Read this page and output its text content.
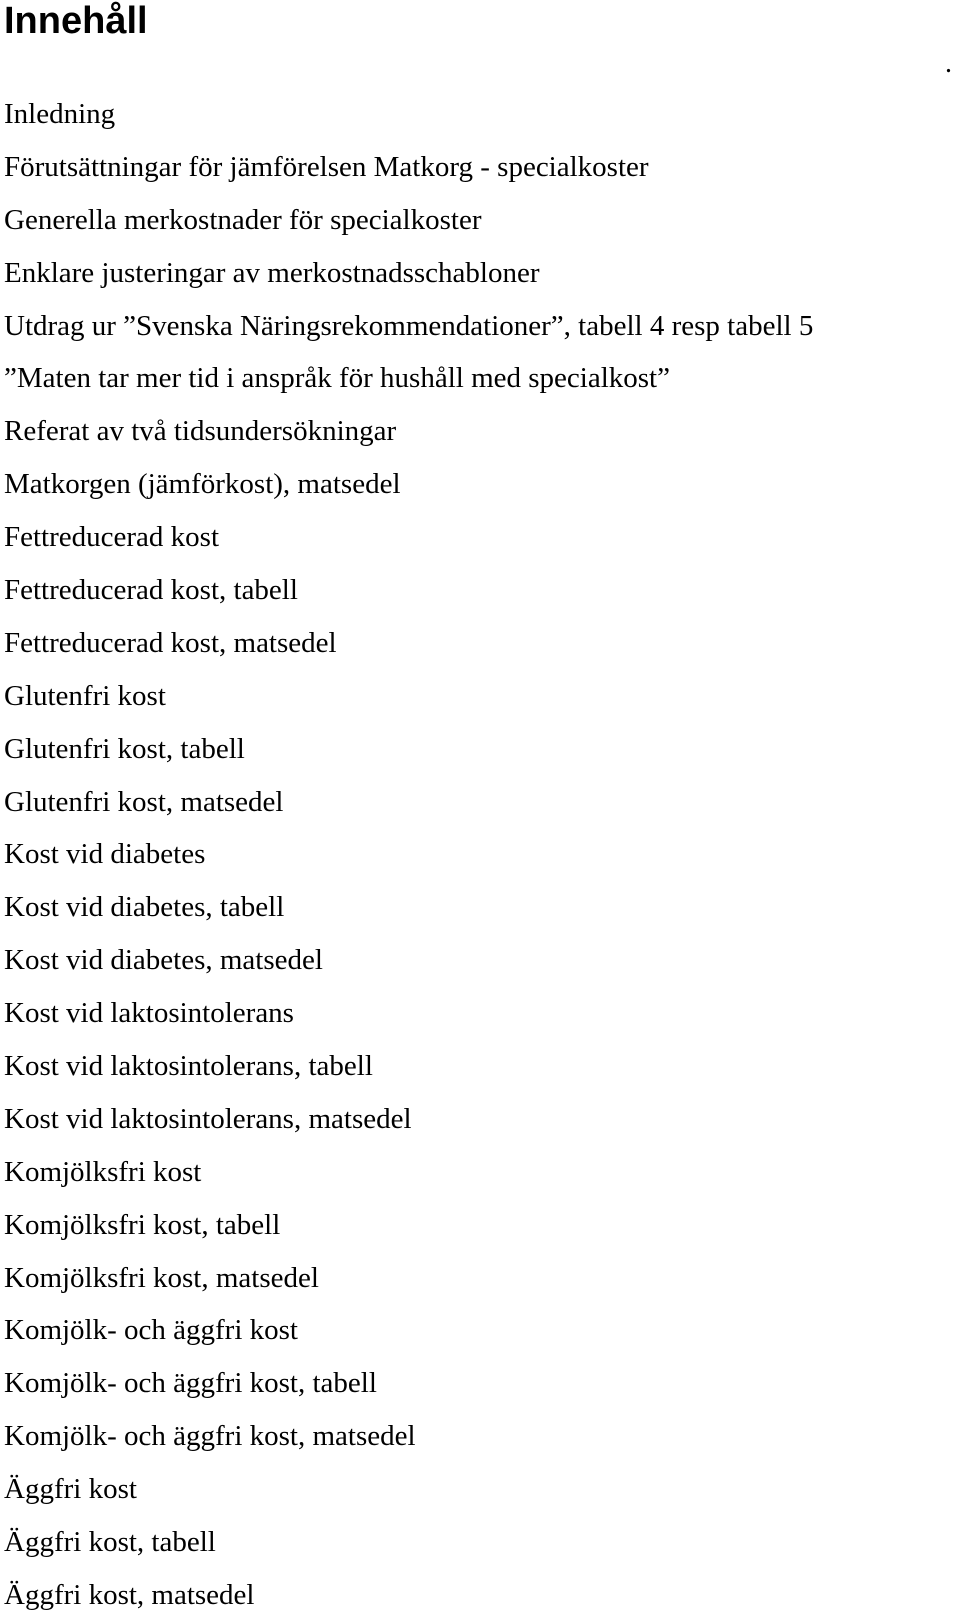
Innehåll
.
Inledning
Förutsättningar för jämförelsen Matkorg - specialkoster
Generella merkostnader för specialkoster
Enklare justeringar av merkostnadsschabloner
Utdrag ur ”Svenska Näringsrekommendationer”, tabell 4 resp tabell 5
”Maten tar mer tid i anspråk för hushåll med specialkost”
Referat av två tidsundersökningar
Matkorgen (jämförkost), matsedel
Fettreducerad kost
Fettreducerad kost, tabell
Fettreducerad kost, matsedel
Glutenfri kost
Glutenfri kost, tabell
Glutenfri kost, matsedel
Kost vid diabetes
Kost vid diabetes, tabell
Kost vid diabetes, matsedel
Kost vid laktosintolerans
Kost vid laktosintolerans, tabell
Kost vid laktosintolerans, matsedel
Komjölksfri kost
Komjölksfri kost, tabell
Komjölksfri kost, matsedel
Komjölk- och äggfri kost
Komjölk- och äggfri kost, tabell
Komjölk- och äggfri kost, matsedel
Äggfri kost
Äggfri kost, tabell
Äggfri kost, matsedel
